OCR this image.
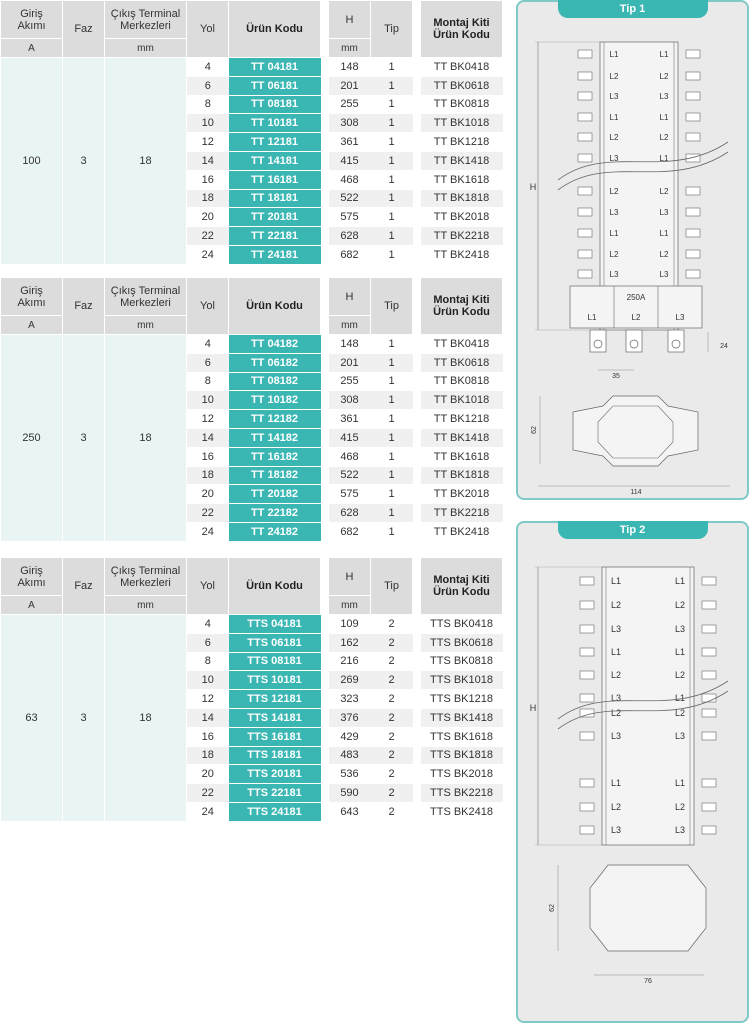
Giriş
Akımı	Faz	Çıkış Terminal
Merkezleri	Yol	Ürün Kodu		H	Tip		Montaj Kiti
Ürün Kodu
A		mm				mm			
100	3	18	4	TT 04181		148	1		TT BK0418
			6	TT 06181		201	1		TT BK0618
			8	TT 08181		255	1		TT BK0818
			10	TT 10181		308	1		TT BK1018
			12	TT 12181		361	1		TT BK1218
			14	TT 14181		415	1		TT BK1418
			16	TT 16181		468	1		TT BK1618
			18	TT 18181		522	1		TT BK1818
			20	TT 20181		575	1		TT BK2018
			22	TT 22181		628	1		TT BK2218
			24	TT 24181		682	1		TT BK2418
Giriş
Akımı	Faz	Çıkış Terminal
Merkezleri	Yol	Ürün Kodu		H	Tip		Montaj Kiti
Ürün Kodu
A		mm				mm			
250	3	18	4	TT 04182		148	1		TT BK0418
			6	TT 06182		201	1		TT BK0618
			8	TT 08182		255	1		TT BK0818
			10	TT 10182		308	1		TT BK1018
			12	TT 12182		361	1		TT BK1218
			14	TT 14182		415	1		TT BK1418
			16	TT 16182		468	1		TT BK1618
			18	TT 18182		522	1		TT BK1818
			20	TT 20182		575	1		TT BK2018
			22	TT 22182		628	1		TT BK2218
			24	TT 24182		682	1		TT BK2418
Giriş
Akımı	Faz	Çıkış Terminal
Merkezleri	Yol	Ürün Kodu		H	Tip		Montaj Kiti
Ürün Kodu
A		mm				mm			
63	3	18	4	TTS 04181		109	2		TTS BK0418
			6	TTS 06181		162	2		TTS BK0618
			8	TTS 08181		216	2		TTS BK0818
			10	TTS 10181		269	2		TTS BK1018
			12	TTS 12181		323	2		TTS BK1218
			14	TTS 14181		376	2		TTS BK1418
			16	TTS 16181		429	2		TTS BK1618
			18	TTS 18181		483	2		TTS BK1818
			20	TTS 20181		536	2		TTS BK2018
			22	TTS 22181		590	2		TTS BK2218
			24	TTS 24181		643	2		TTS BK2418
Tip 1
H
L1	L1
L2	L2
L3	L3
L1	L1
L2	L2
L3	L1
L2	L2
L3	L3
L1	L1
L2	L2
L3	L3
250A
L1	L2	L3
24
35
62
114
Tip 2
H
L1	L1
L2	L2
L3	L3
L1	L1
L2	L2
L3	L1
L2	L2
L3	L3
L1	L1
L2	L2
L3	L3
62
76
